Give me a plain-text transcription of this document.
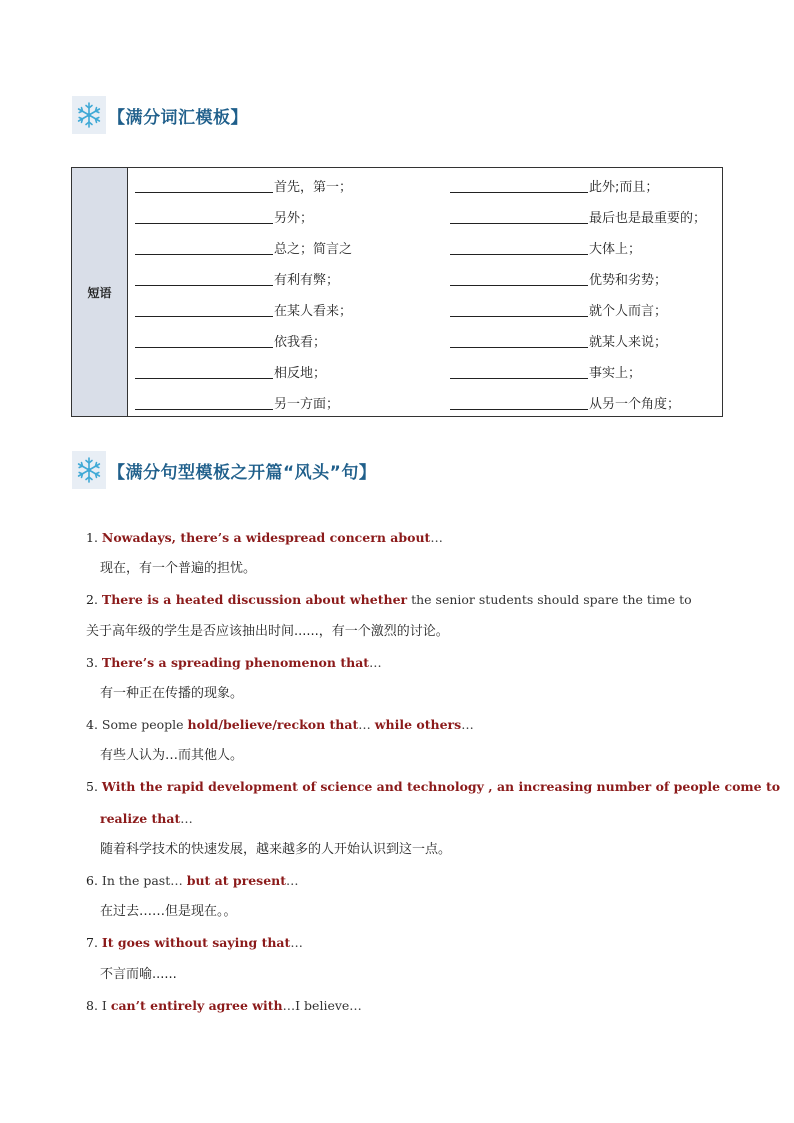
【满分词汇模板】
短语
首先，第一；	此外;而且；
另外；	最后也是最重要的；
总之；简言之	大体上；
有利有弊；	优势和劣势；
在某人看来；	就个人而言；
依我看；	就某人来说；
相反地；	事实上；
另一方面；	从另一个角度；
【满分句型模板之开篇“风头”句】
1. Nowadays, there’s a widespread concern about…
现在，有一个普遍的担忧。
2. There is a heated discussion about whether the senior students should spare the time to
关于高年级的学生是否应该抽出时间......，有一个激烈的讨论。
3. There’s a spreading phenomenon that…
有一种正在传播的现象。
4. Some people hold/believe/reckon that… while others…
有些人认为…而其他人。
5. With the rapid development of science and technology , an increasing number of people come to
realize that…
随着科学技术的快速发展，越来越多的人开始认识到这一点。
6. In the past… but at present…
在过去……但是现在。。
7. It goes without saying that…
不言而喻......
8. I can’t entirely agree with…I believe…
